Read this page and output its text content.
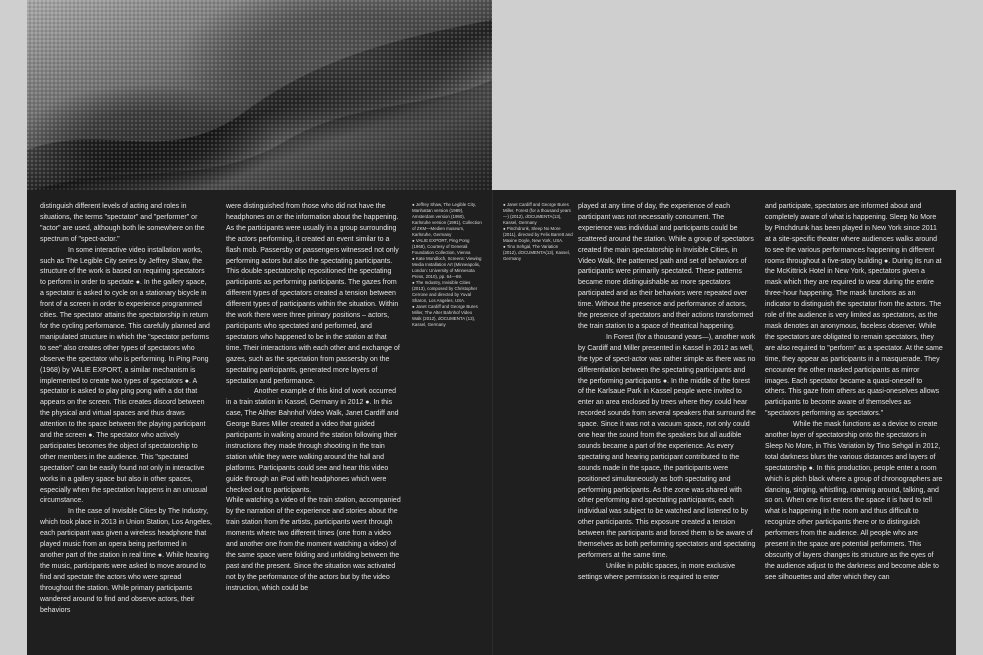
distinguish different levels of acting and roles in situations, the terms "spectator" and "performer" or "actor" are used, although both lie somewhere on the spectrum of "spect-actor."

In some interactive video installation works, such as The Legible City series by Jeffrey Shaw, the structure of the work is based on requiring spectators to perform in order to spectate ●. In the gallery space, a spectator is asked to cycle on a stationary bicycle in front of a screen in order to experience programmed cities. The spectator attains the spectatorship in return for the cycling performance. This carefully planned and manipulated structure in which the "spectator performs to see" also creates other types of spectators who observe the spectator who is performing. In Ping Pong (1968) by VALIE EXPORT, a similar mechanism is implemented to create two types of spectators ●. A spectator is asked to play ping pong with a dot that appears on the screen. This creates discord between the physical and virtual spaces and thus draws attention to the space between the playing participant and the screen ●. The spectator who actively participates becomes the object of spectatorship to other members in the audience. This "spectated spectation" can be easily found not only in interactive works in a gallery space but also in other spaces, especially when the spectation happens in an unusual circumstance.

In the case of Invisible Cities by The Industry, which took place in 2013 in Union Station, Los Angeles, each participant was given a wireless headphone that played music from an opera being performed in another part of the station in real time ●. While hearing the music, participants were asked to move around to find and spectate the actors who were spread throughout the station. While primary participants wandered around to find and observe actors, their behaviors

were distinguished from those who did not have the headphones on or the information about the happening. As the participants were usually in a group surrounding the actors performing, it created an event similar to a flash mob. Passersby or passengers witnessed not only performing actors but also the spectating participants. This double spectatorship repositioned the spectating participants as performing participants. The gazes from different types of spectators created a tension between different types of participants within the situation. Within the work there were three primary positions – actors, participants who spectated and performed, and spectators who happened to be in the station at that time. Their interactions with each other and exchange of gazes, such as the spectation from passersby on the spectating participants, generated more layers of spectation and performance.

Another example of this kind of work occurred in a train station in Kassel, Germany in 2012 ●. In this case, The Alther Bahnhof Video Walk, Janet Cardiff and George Bures Miller created a video that guided participants in walking around the station following their instructions they made through shooting in the train station while they were walking around the hall and platforms. Participants could see and hear this video guide through an iPod with headphones which were checked out to participants.

While watching a video of the train station, accompanied by the narration of the experience and stories about the train station from the artists, participants went through moments where two different times (one from a video and another one from the moment watching a video) of the same space were folding and unfolding between the past and the present. Since the situation was activated not by the performance of the actors but by the video instruction, which could be

● Jeffrey Shaw, The Legible City, Manhattan version (1989), Amsterdam version (1990), Karlsruhe version (1991), Collection of ZKM—Medien museum, Karlsruhe, Germany

● VALIE EXPORT, Ping Pong (1968), Courtesy of Generali Foundation Collection, Vienna

● Kate Mondloch, Screens: Viewing Media Installation Art (Minneapolis, London: University of Minnesota Press, 2010), pp. 64—69.

● The Industry, Invisible Cities (2013), composed by Christopher Cerrone and directed by Yuval Sharon, Los Angeles, USA.

● Janet Cardiff and George Bures Miller, The Alter Bahnhof Video Walk (2012), dOCUMENTA (13), Kassel, Germany

● Janet Cardiff and George Bures Miller, Forest (for a thousand years—) (2012), dOCUMENTA(13), Kassel, Germany

● Pinchdrunk, Sleep No More (2011), directed by Felix Barrett and Maxine Doyle, New York, USA.

● Tino Sehgal, The Variation (2012), dOCUMENTA(13), Kassel, Germany

played at any time of day, the experience of each participant was not necessarily concurrent. The experience was individual and participants could be scattered around the station. While a group of spectators created the main spectatorship in Invisible Cities, in Video Walk, the patterned path and set of behaviors of participants were primarily spectated. These patterns became more distinguishable as more spectators participated and as their behaviors were repeated over time. Without the presence and performance of actors, the presence of spectators and their actions transformed the train station to a space of theatrical happening.

In Forest (for a thousand years—), another work by Cardiff and Miller presented in Kassel in 2012 as well, the type of spect-actor was rather simple as there was no differentiation between the spectating participants and the performing participants ●. In the middle of the forest of the Karlsaue Park in Kassel people were invited to enter an area enclosed by trees where they could hear recorded sounds from several speakers that surround the space. Since it was not a vacuum space, not only could one hear the sound from the speakers but all audible sounds became a part of the experience. As every spectating and hearing participant contributed to the sounds made in the space, the participants were positioned simultaneously as both spectating and performing participants. As the zone was shared with other performing and spectating participants, each individual was subject to be watched and listened to by other participants. This exposure created a tension between the participants and forced them to be aware of themselves as both performing spectators and spectating performers at the same time.

Unlike in public spaces, in more exclusive settings where permission is required to enter

and participate, spectators are informed about and completely aware of what is happening. Sleep No More by Pinchdrunk has been played in New York since 2011 at a site-specific theater where audiences walks around to see the various performances happening in different rooms throughout a five-story building ●. During its run at the McKittrick Hotel in New York, spectators given a mask which they are required to wear during the entire three-hour happening. The mask functions as an indicator to distinguish the spectator from the actors. The role of the audience is very limited as spectators, as the mask denotes an anonymous, faceless observer. While the spectators are obligated to remain spectators, they are also required to "perform" as a spectator. At the same time, they appear as participants in a masquerade. They encounter the other masked participants as mirror images. Each spectator became a quasi-oneself to others. This gaze from others as quasi-oneselves allows participants to become aware of themselves as "spectators performing as spectators."

While the mask functions as a device to create another layer of spectatorship onto the spectators in Sleep No More, in This Variation by Tino Sehgal in 2012, total darkness blurs the various distances and layers of spectatorship ●. In this production, people enter a room which is pitch black where a group of chronographers are dancing, singing, whistling, roaming around, talking, and so on. When one first enters the space it is hard to tell what is happening in the room and thus difficult to recognize other participants there or to distinguish performers from the audience. All people who are present in the space are potential performers. This obscurity of layers changes its structure as the eyes of the audience adjust to the darkness and become able to see silhouettes and after which they can
